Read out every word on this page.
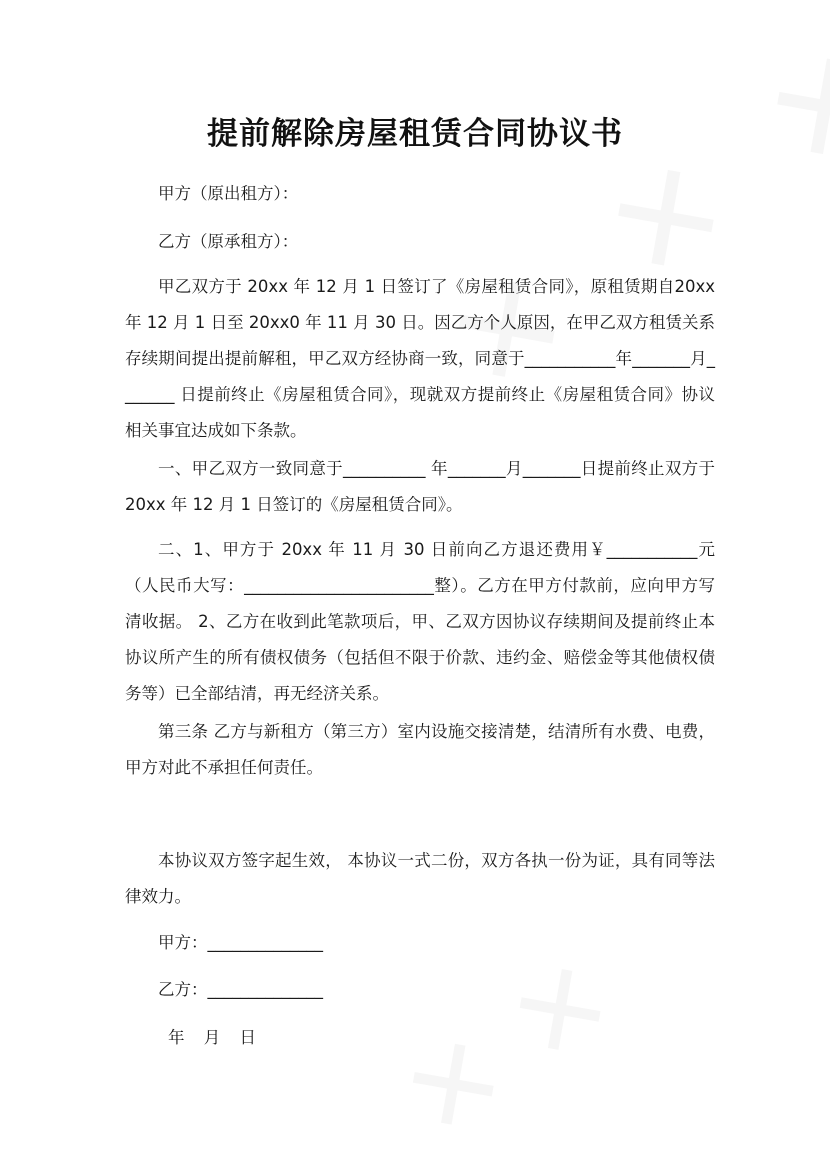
提前解除房屋租赁合同协议书
甲方（原出租方）：
乙方（原承租方）：

甲乙双方于 20xx 年 12 月 1 日签订了《房屋租赁合同》，原租赁期自20xx 年 12 月 1 日至 20xx0 年 11 月 30 日。因乙方个人原因，在甲乙双方租赁关系存续期间提出提前解租，甲乙双方经协商一致，同意于___________年_______月_______ 日提前终止《房屋租赁合同》，现就双方提前终止《房屋租赁合同》协议相关事宜达成如下条款。

一、甲乙双方一致同意于__________ 年_______月_______日提前终止双方于 20xx 年 12 月 1 日签订的《房屋租赁合同》。

二、1、甲方于 20xx 年 11 月 30 日前向乙方退还费用￥___________元（人民币大写：_______________________整）。乙方在甲方付款前，应向甲方写清收据。 2、乙方在收到此笔款项后，甲、乙双方因协议存续期间及提前终止本协议所产生的所有债权债务（包括但不限于价款、违约金、赔偿金等其他债权债务等）已全部结清，再无经济关系。

第三条 乙方与新租方（第三方）室内设施交接清楚，结清所有水费、电费，甲方对此不承担任何责任。

本协议双方签字起生效， 本协议一式二份，双方各执一份为证，具有同等法律效力。

甲方：______________
乙方：______________
年 月 日
